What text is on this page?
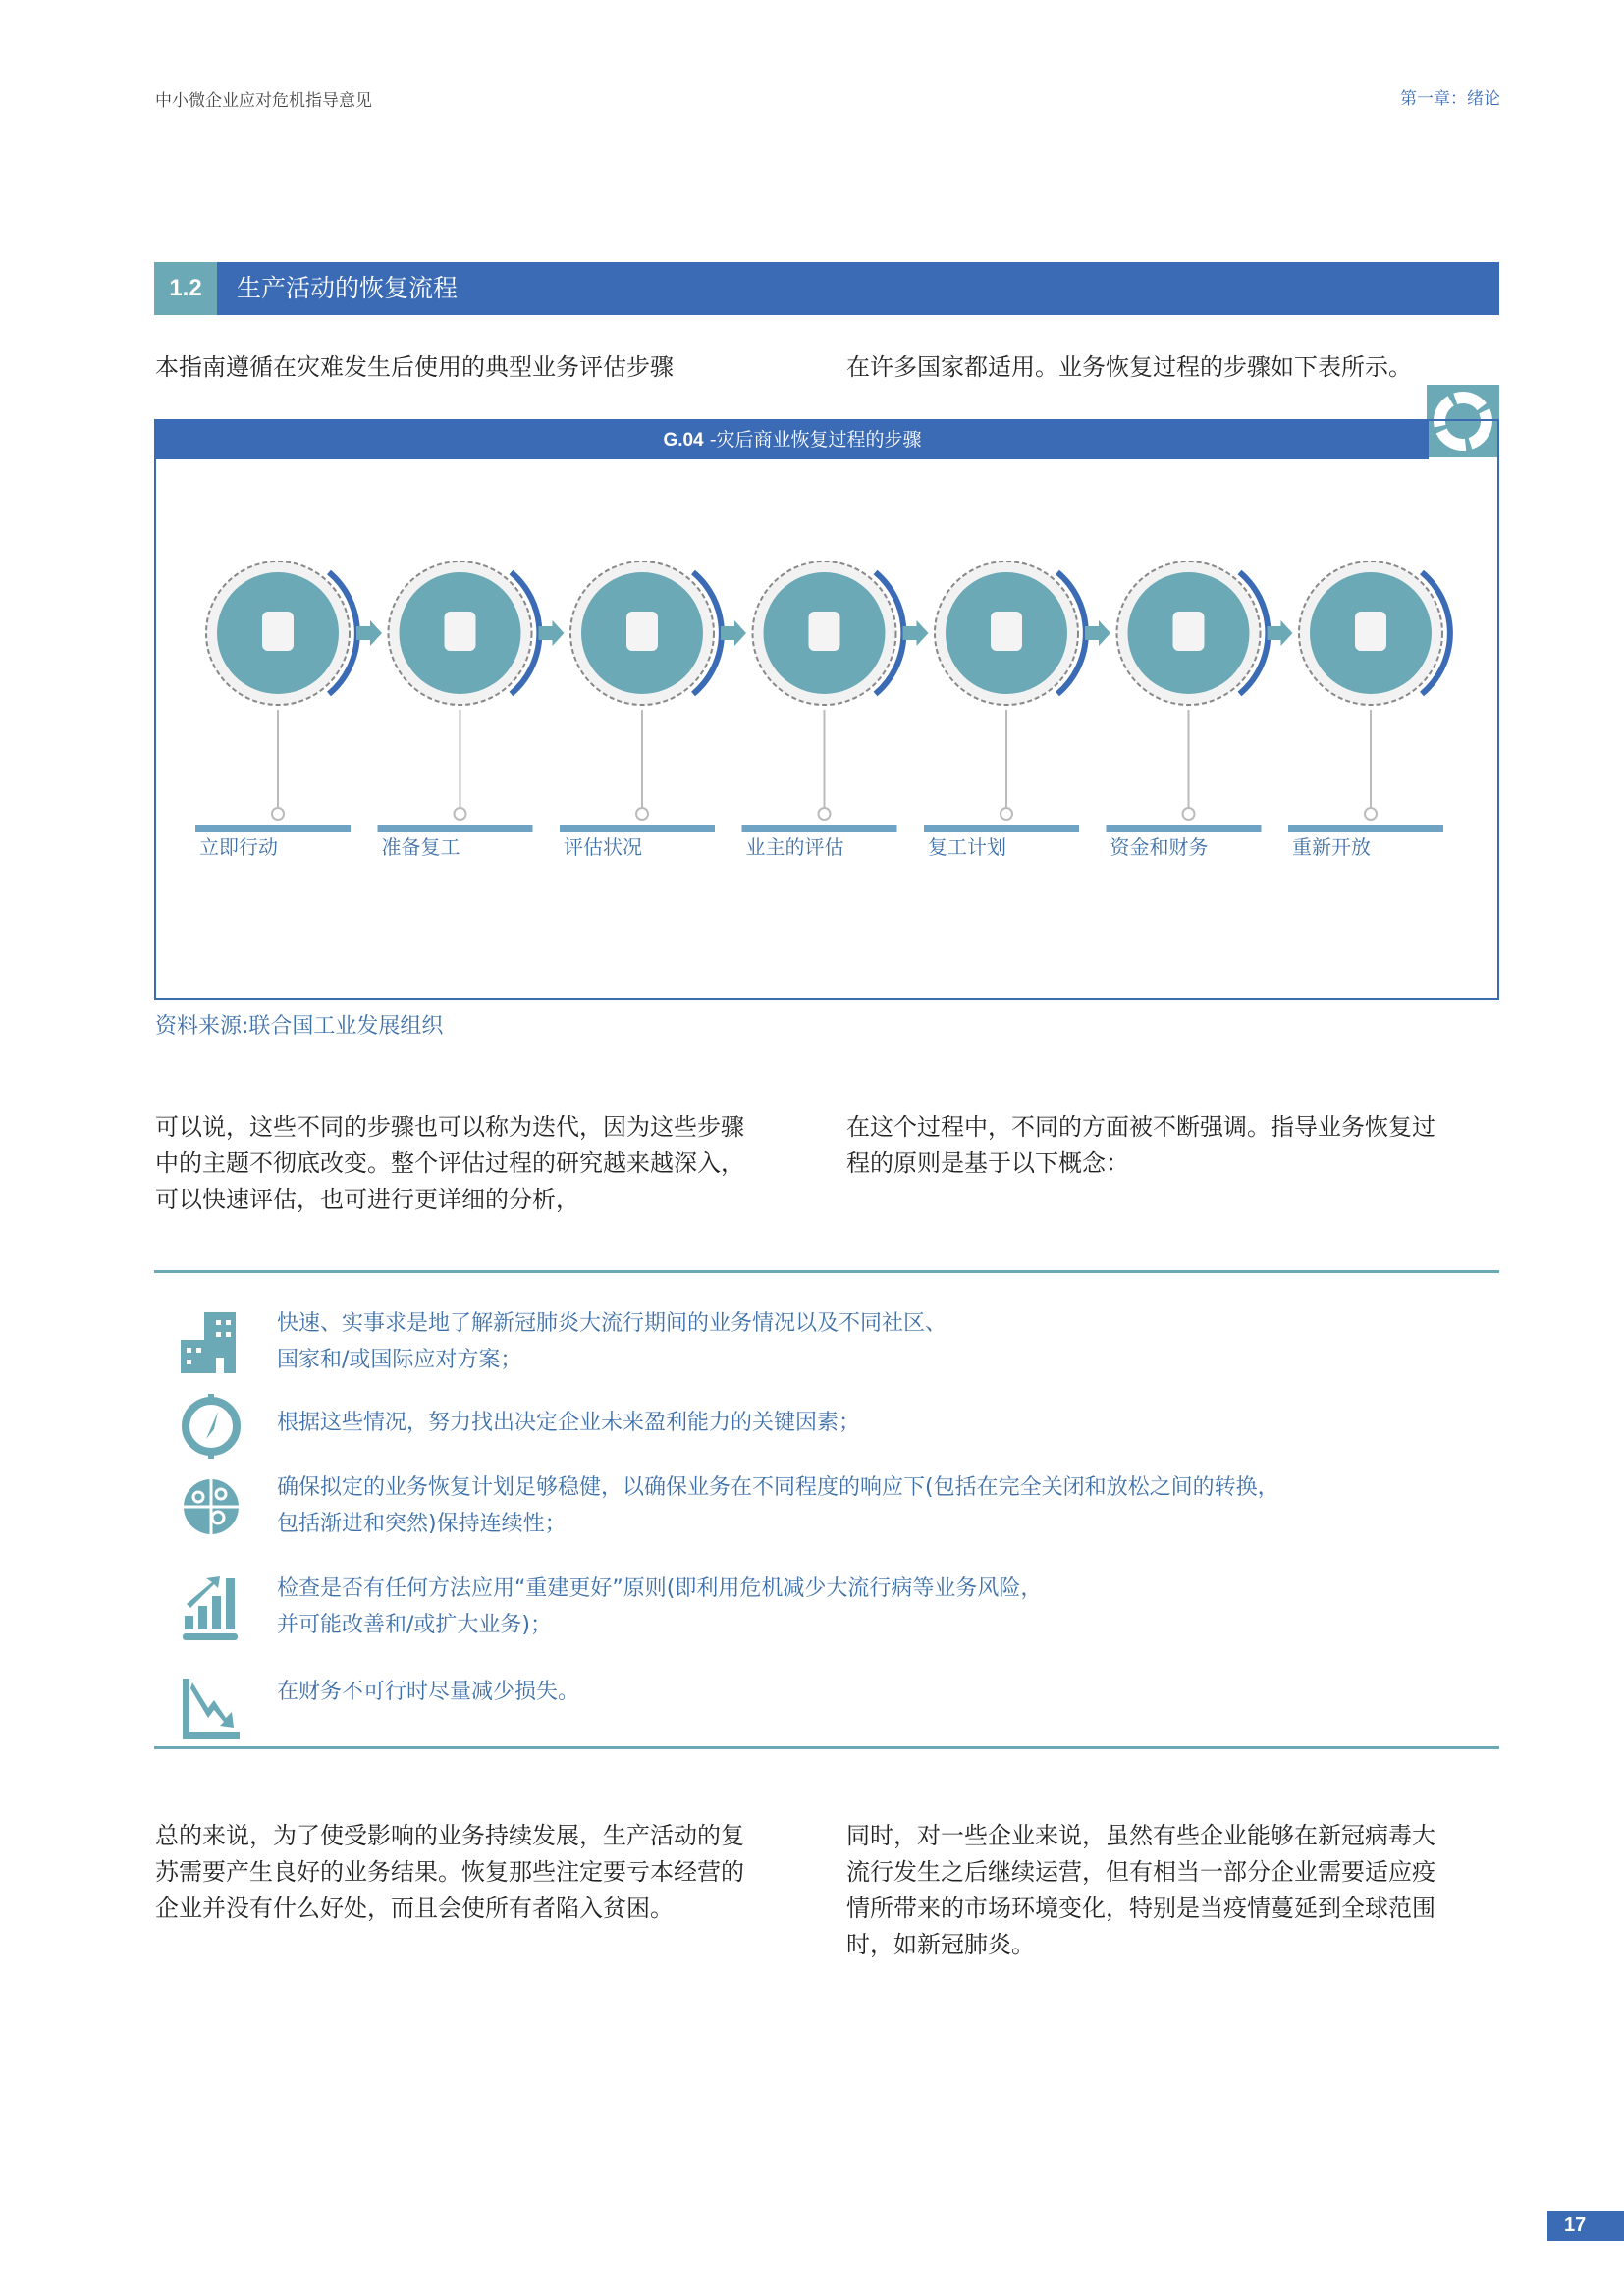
中小微企业应对危机指导意见	第一章：绪论
1.2	生产活动的恢复流程
本指南遵循在灾难发生后使用的典型业务评估步骤	在许多国家都适用。业务恢复过程的步骤如下表所示。
G.04 -灾后商业恢复过程的步骤
立即行动	准备复工	评估状况	业主的评估	复工计划	资金和财务	重新开放
资料来源:联合国工业发展组织
可以说，这些不同的步骤也可以称为迭代，因为这些步骤
中的主题不彻底改变。整个评估过程的研究越来越深入，
可以快速评估，也可进行更详细的分析，
在这个过程中，不同的方面被不断强调。指导业务恢复过
程的原则是基于以下概念：
快速、实事求是地了解新冠肺炎大流行期间的业务情况以及不同社区、
国家和/或国际应对方案；
根据这些情况，努力找出决定企业未来盈利能力的关键因素；
确保拟定的业务恢复计划足够稳健，以确保业务在不同程度的响应下(包括在完全关闭和放松之间的转换，
包括渐进和突然)保持连续性；
检查是否有任何方法应用“重建更好”原则(即利用危机减少大流行病等业务风险，
并可能改善和/或扩大业务)；
在财务不可行时尽量减少损失。
总的来说，为了使受影响的业务持续发展，生产活动的复
苏需要产生良好的业务结果。恢复那些注定要亏本经营的
企业并没有什么好处，而且会使所有者陷入贫困。
同时，对一些企业来说，虽然有些企业能够在新冠病毒大
流行发生之后继续运营，但有相当一部分企业需要适应疫
情所带来的市场环境变化，特别是当疫情蔓延到全球范围
时，如新冠肺炎。
17
